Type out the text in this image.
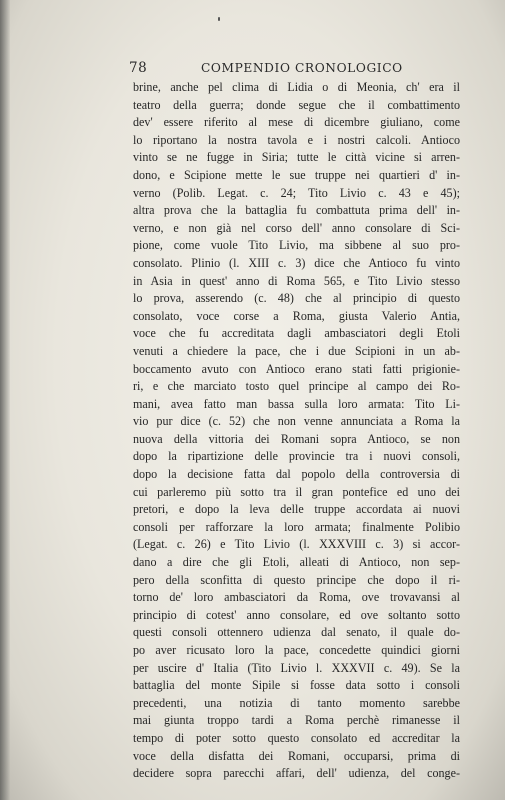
78	COMPENDIO CRONOLOGICO
brine, anche pel clima di Lidia o di Meonia, ch' era il
teatro della guerra; donde segue che il combattimento
dev' essere riferito al mese di dicembre giuliano, come
lo riportano la nostra tavola e i nostri calcoli. Antioco
vinto se ne fugge in Siria; tutte le città vicine si arren-
dono, e Scipione mette le sue truppe nei quartieri d' in-
verno (Polib. Legat. c. 24; Tito Livio c. 43 e 45);
altra prova che la battaglia fu combattuta prima dell' in-
verno, e non già nel corso dell' anno consolare di Sci-
pione, come vuole Tito Livio, ma sibbene al suo pro-
consolato. Plinio (l. XIII c. 3) dice che Antioco fu vinto
in Asia in quest' anno di Roma 565, e Tito Livio stesso
lo prova, asserendo (c. 48) che al principio di questo
consolato, voce corse a Roma, giusta Valerio Antia,
voce che fu accreditata dagli ambasciatori degli Etoli
venuti a chiedere la pace, che i due Scipioni in un ab-
boccamento avuto con Antioco erano stati fatti prigionie-
ri, e che marciato tosto quel principe al campo dei Ro-
mani, avea fatto man bassa sulla loro armata: Tito Li-
vio pur dice (c. 52) che non venne annunciata a Roma la
nuova della vittoria dei Romani sopra Antioco, se non
dopo la ripartizione delle provincie tra i nuovi consoli,
dopo la decisione fatta dal popolo della controversia di
cui parleremo più sotto tra il gran pontefice ed uno dei
pretori, e dopo la leva delle truppe accordata ai nuovi
consoli per rafforzare la loro armata; finalmente Polibio
(Legat. c. 26) e Tito Livio (l. XXXVIII c. 3) si accor-
dano a dire che gli Etoli, alleati di Antioco, non sep-
pero della sconfitta di questo principe che dopo il ri-
torno de' loro ambasciatori da Roma, ove trovavansi al
principio di cotest' anno consolare, ed ove soltanto sotto
questi consoli ottennero udienza dal senato, il quale do-
po aver ricusato loro la pace, concedette quindici giorni
per uscire d' Italia (Tito Livio l. XXXVII c. 49). Se la
battaglia del monte Sipile si fosse data sotto i consoli
precedenti, una notizia di tanto momento sarebbe
mai giunta troppo tardi a Roma perchè rimanesse il
tempo di poter sotto questo consolato ed accreditar la
voce della disfatta dei Romani, occuparsi, prima di
decidere sopra parecchi affari, dell' udienza, del conge-
